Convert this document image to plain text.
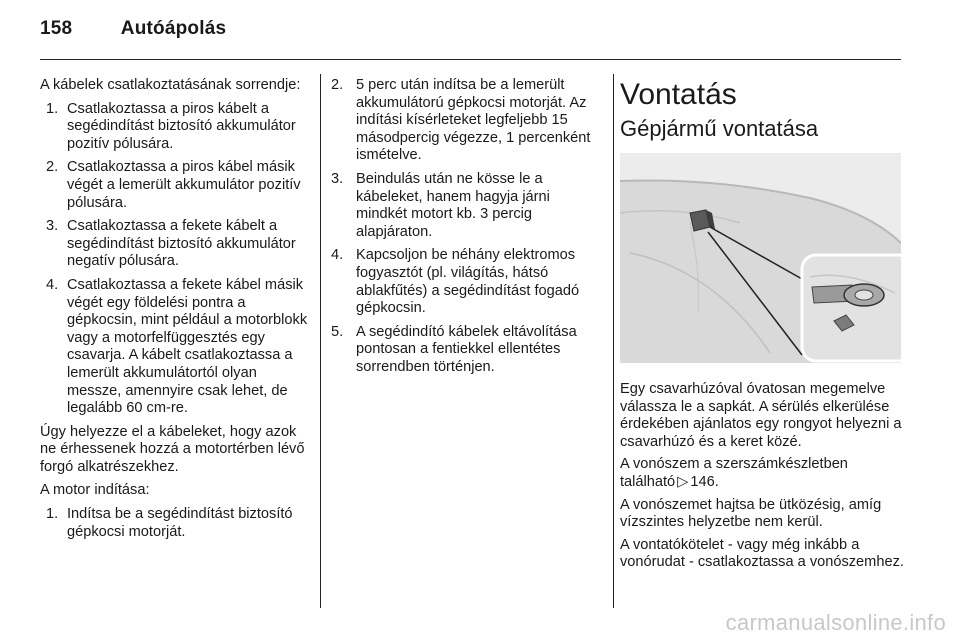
158	Autóápolás

A kábelek csatlakoztatásának sorrendje:

1. Csatlakoztassa a piros kábelt a segédindítást biztosító akkumulátor pozitív pólusára.
2. Csatlakoztassa a piros kábel másik végét a lemerült akkumulátor pozitív pólusára.
3. Csatlakoztassa a fekete kábelt a segédindítást biztosító akkumulátor negatív pólusára.
4. Csatlakoztassa a fekete kábel másik végét egy földelési pontra a gépkocsin, mint például a motorblokk vagy a motorfelfüggesztés egy csavarja. A kábelt csatlakoztassa a lemerült akkumulátortól olyan messze, amennyire csak lehet, de legalább 60 cm-re.

Úgy helyezze el a kábeleket, hogy azok ne érhessenek hozzá a motortérben lévő forgó alkatrészekhez.

A motor indítása:

1. Indítsa be a segédindítást biztosító gépkocsi motorját.
2. 5 perc után indítsa be a lemerült akkumulátorú gépkocsi motorját. Az indítási kísérleteket legfeljebb 15 másodpercig végezze, 1 percenként ismételve.
3. Beindulás után ne kösse le a kábeleket, hanem hagyja járni mindkét motort kb. 3 percig alapjáraton.
4. Kapcsoljon be néhány elektromos fogyasztót (pl. világítás, hátsó ablakfűtés) a segédindítást fogadó gépkocsin.
5. A segédindító kábelek eltávolítása pontosan a fentiekkel ellentétes sorrendben történjen.
Vontatás
Gépjármű vontatása

Egy csavarhúzóval óvatosan megemelve válassza le a sapkát. A sérülés elkerülése érdekében ajánlatos egy rongyot helyezni a csavarhúzó és a keret közé.

A vonószem a szerszámkészletben található ▷ 146.

A vonószemet hajtsa be ütközésig, amíg vízszintes helyzetbe nem kerül.

A vontatókötelet - vagy még inkább a vonórudat - csatlakoztassa a vonószemhez.

carmanualsonline.info
